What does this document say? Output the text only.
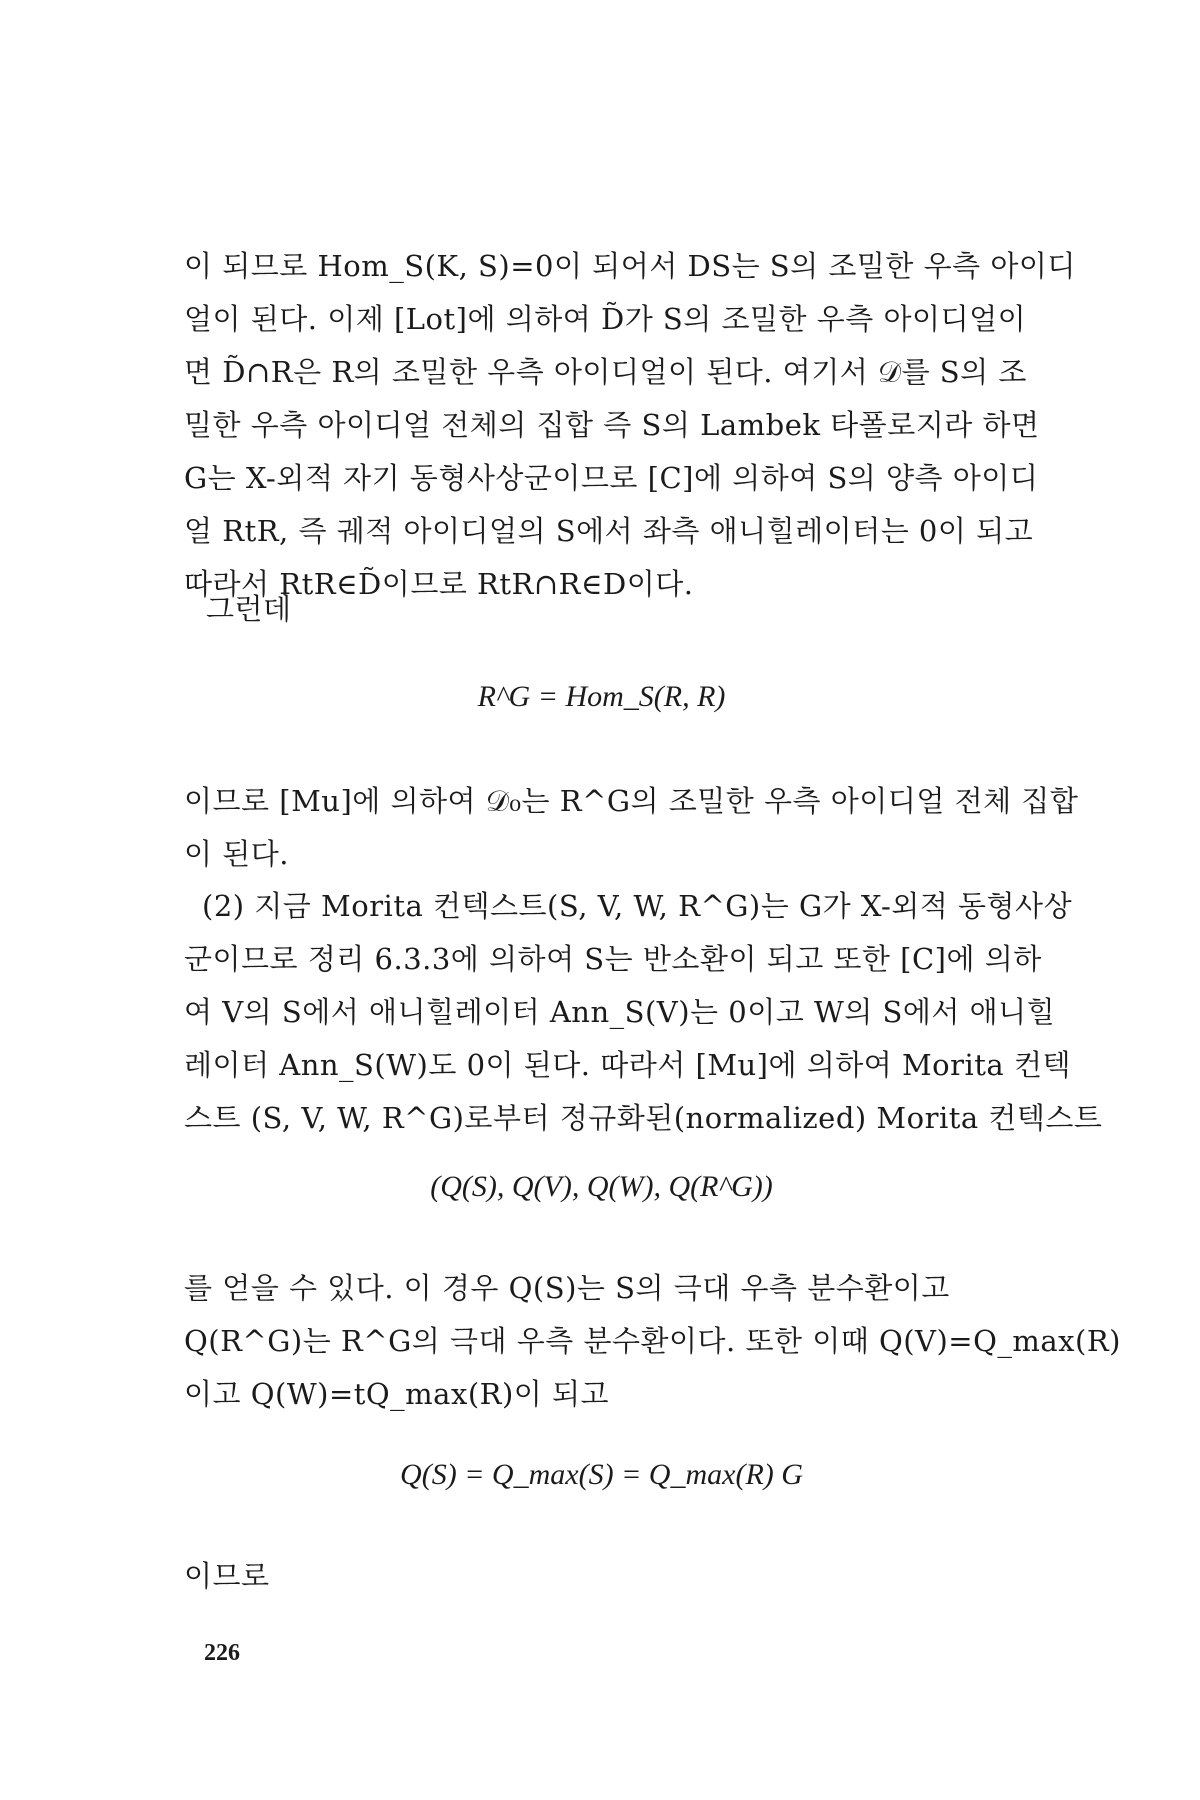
이 되므로 Hom_S(K, S)=0이 되어서 DS는 S의 조밀한 우측 아이디
얼이 된다. 이제 [Lot]에 의하여 D̃가 S의 조밀한 우측 아이디얼이
면 D̃∩R은 R의 조밀한 우측 아이디얼이 된다. 여기서 𝒟를 S의 조
밀한 우측 아이디얼 전체의 집합 즉 S의 Lambek 타폴로지라 하면
G는 X-외적 자기 동형사상군이므로 [C]에 의하여 S의 양측 아이디
얼 RtR, 즉 궤적 아이디얼의 S에서 좌측 애니힐레이터는 0이 되고
따라서 RtR∈D̃이므로 RtR∩R∈D이다.
그런데
R^G = Hom_S(R, R)
이므로 [Mu]에 의하여 𝒟₀는 R^G의 조밀한 우측 아이디얼 전체 집합
이 된다.
(2) 지금 Morita 컨텍스트(S, V, W, R^G)는 G가 X-외적 동형사상
군이므로 정리 6.3.3에 의하여 S는 반소환이 되고 또한 [C]에 의하
여 V의 S에서 애니힐레이터 Ann_S(V)는 0이고 W의 S에서 애니힐
레이터 Ann_S(W)도 0이 된다. 따라서 [Mu]에 의하여 Morita 컨텍
스트 (S, V, W, R^G)로부터 정규화된(normalized) Morita 컨텍스트
(Q(S), Q(V), Q(W), Q(R^G))
를 얻을 수 있다. 이 경우 Q(S)는 S의 극대 우측 분수환이고
Q(R^G)는 R^G의 극대 우측 분수환이다. 또한 이때 Q(V)=Q_max(R)
이고 Q(W)=tQ_max(R)이 되고
Q(S) = Q_max(S) = Q_max(R) G
이므로
226
